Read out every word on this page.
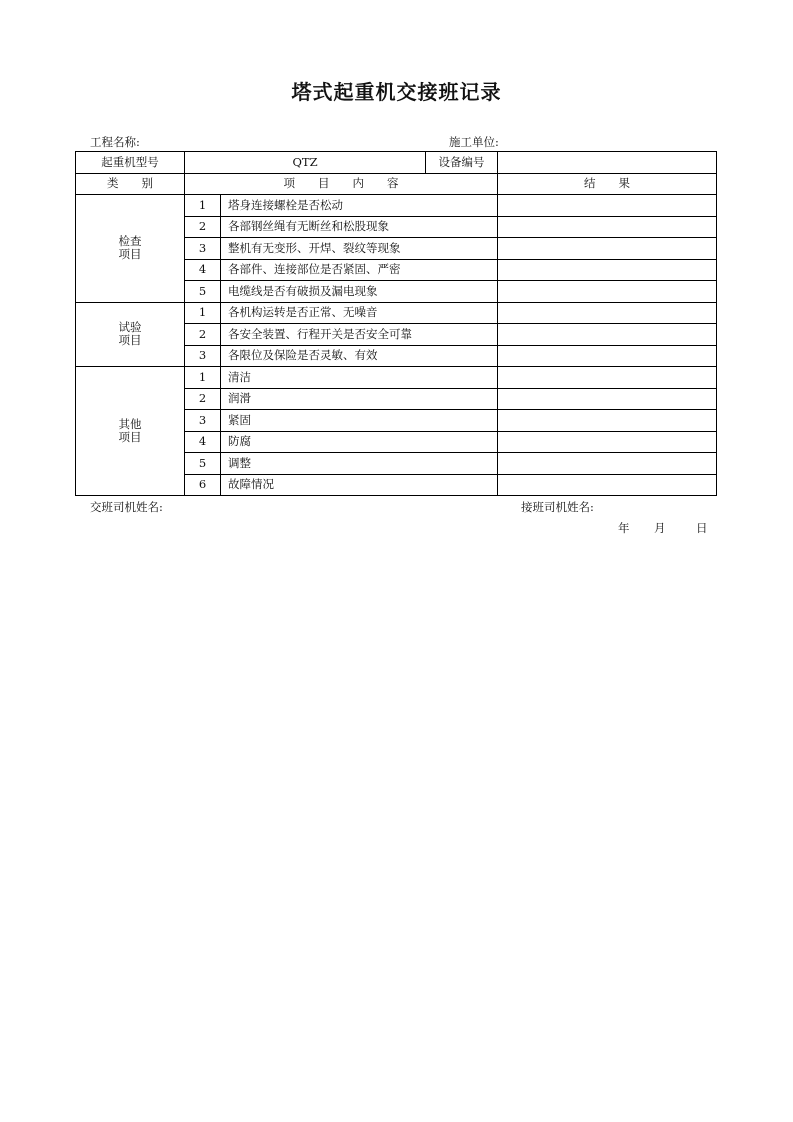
塔式起重机交接班记录
工程名称:	施工单位:
起重机型号	QTZ		设备编号	
类　　别	项　　目　　内　　容			结　　果

检查
项目	1	塔身连接螺栓是否松动		
	2	各部钢丝绳有无断丝和松股现象		
	3	整机有无变形、开焊、裂纹等现象		
	4	各部件、连接部位是否紧固、严密		
	5	电缆线是否有破损及漏电现象		

试验
项目	1	各机构运转是否正常、无噪音		
	2	各安全装置、行程开关是否安全可靠		
	3	各限位及保险是否灵敏、有效		

其他
项目	1	清洁		
	2	润滑		
	3	紧固		
	4	防腐		
	5	调整		
	6	故障情况		
交班司机姓名:	接班司机姓名:
年 月	日
